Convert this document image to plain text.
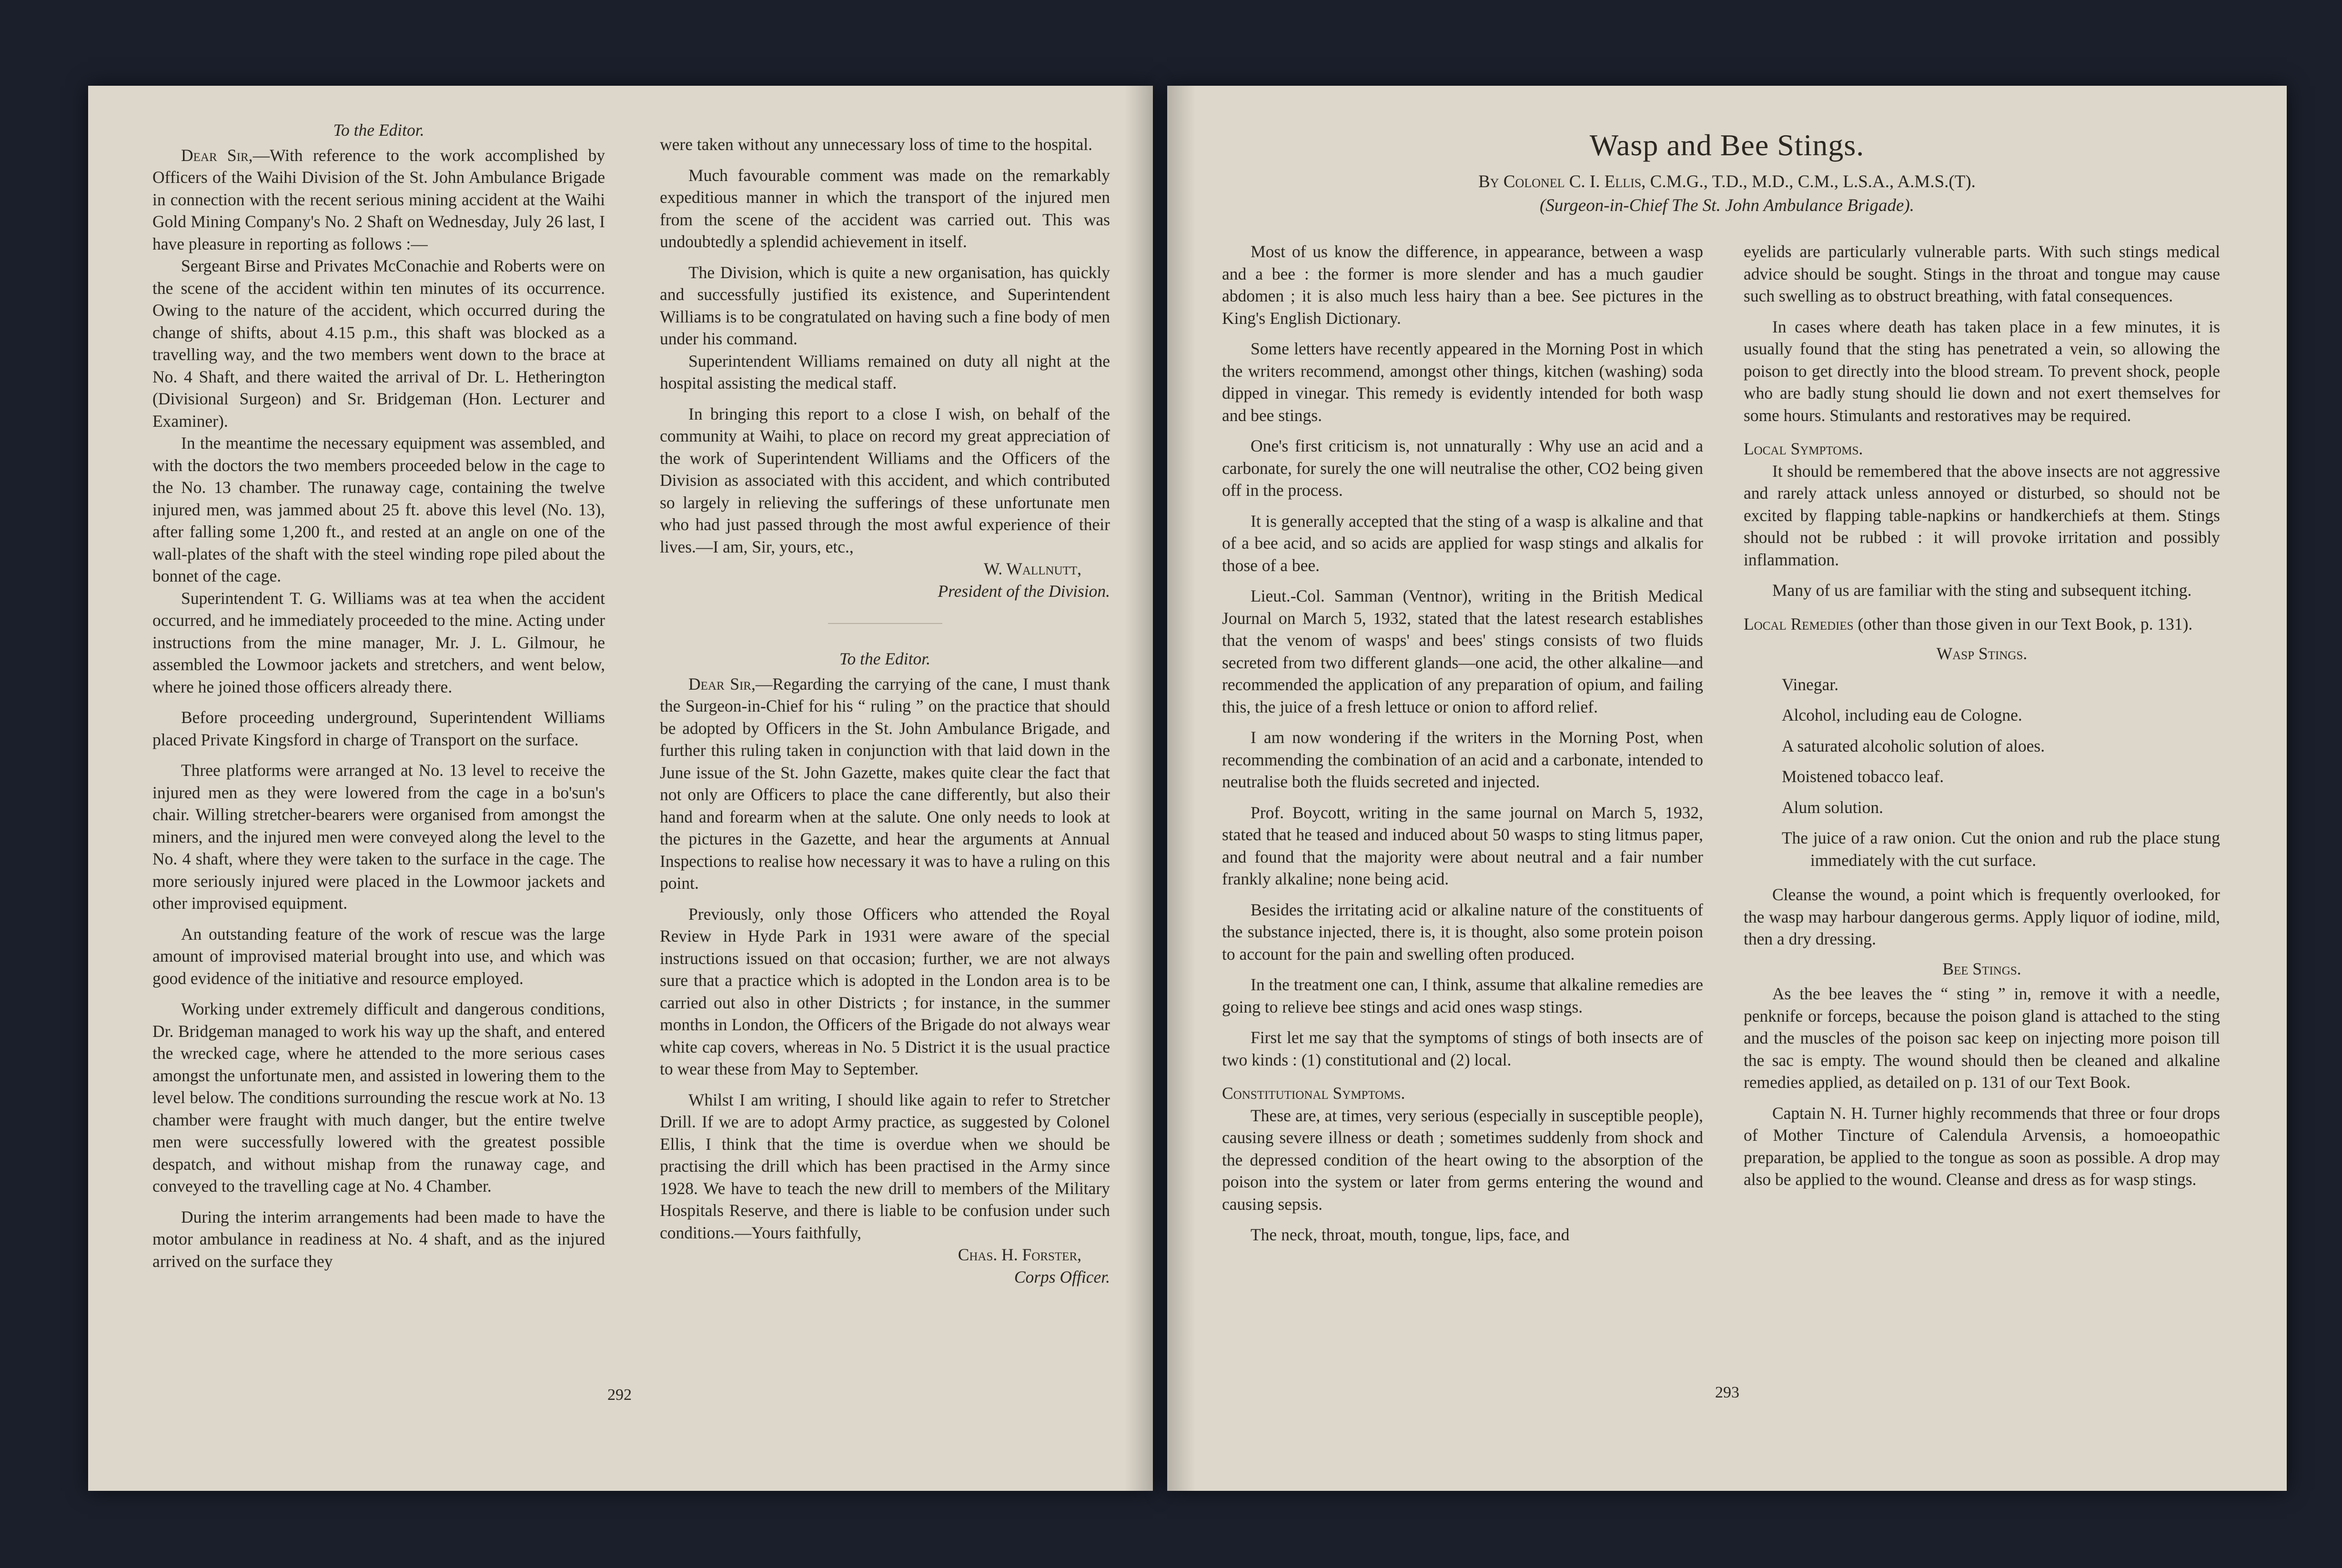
To the Editor.

Dear Sir,—With reference to the work accomplished by Officers of the Waihi Division of the St. John Ambulance Brigade in connection with the recent serious mining accident at the Waihi Gold Mining Company's No. 2 Shaft on Wednesday, July 26 last, I have pleasure in reporting as follows :—

Sergeant Birse and Privates McConachie and Roberts were on the scene of the accident within ten minutes of its occurrence. Owing to the nature of the accident, which occurred during the change of shifts, about 4.15 p.m., this shaft was blocked as a travelling way, and the two members went down to the brace at No. 4 Shaft, and there waited the arrival of Dr. L. Hetherington (Divisional Surgeon) and Sr. Bridgeman (Hon. Lecturer and Examiner).

In the meantime the necessary equipment was assembled, and with the doctors the two members proceeded below in the cage to the No. 13 chamber. The runaway cage, containing the twelve injured men, was jammed about 25 ft. above this level (No. 13), after falling some 1,200 ft., and rested at an angle on one of the wall-plates of the shaft with the steel winding rope piled about the bonnet of the cage.

Superintendent T. G. Williams was at tea when the accident occurred, and he immediately proceeded to the mine. Acting under instructions from the mine manager, Mr. J. L. Gilmour, he assembled the Lowmoor jackets and stretchers, and went below, where he joined those officers already there.

Before proceeding underground, Superintendent Williams placed Private Kingsford in charge of Transport on the surface.

Three platforms were arranged at No. 13 level to receive the injured men as they were lowered from the cage in a bo'sun's chair. Willing stretcher-bearers were organised from amongst the miners, and the injured men were conveyed along the level to the No. 4 shaft, where they were taken to the surface in the cage. The more seriously injured were placed in the Lowmoor jackets and other improvised equipment.

An outstanding feature of the work of rescue was the large amount of improvised material brought into use, and which was good evidence of the initiative and resource employed.

Working under extremely difficult and dangerous conditions, Dr. Bridgeman managed to work his way up the shaft, and entered the wrecked cage, where he attended to the more serious cases amongst the unfortunate men, and assisted in lowering them to the level below. The conditions surrounding the rescue work at No. 13 chamber were fraught with much danger, but the entire twelve men were successfully lowered with the greatest possible despatch, and without mishap from the runaway cage, and conveyed to the travelling cage at No. 4 Chamber.

During the interim arrangements had been made to have the motor ambulance in readiness at No. 4 shaft, and as the injured arrived on the surface they

were taken without any unnecessary loss of time to the hospital.

Much favourable comment was made on the remarkably expeditious manner in which the transport of the injured men from the scene of the accident was carried out. This was undoubtedly a splendid achievement in itself.

The Division, which is quite a new organisation, has quickly and successfully justified its existence, and Superintendent Williams is to be congratulated on having such a fine body of men under his command.

Superintendent Williams remained on duty all night at the hospital assisting the medical staff.

In bringing this report to a close I wish, on behalf of the community at Waihi, to place on record my great appreciation of the work of Superintendent Williams and the Officers of the Division as associated with this accident, and which contributed so largely in relieving the sufferings of these unfortunate men who had just passed through the most awful experience of their lives.—I am, Sir, yours, etc.,

W. Wallnutt,

President of the Division.

To the Editor.

Dear Sir,—Regarding the carrying of the cane, I must thank the Surgeon-in-Chief for his “ ruling ” on the practice that should be adopted by Officers in the St. John Ambulance Brigade, and further this ruling taken in conjunction with that laid down in the June issue of the St. John Gazette, makes quite clear the fact that not only are Officers to place the cane differently, but also their hand and forearm when at the salute. One only needs to look at the pictures in the Gazette, and hear the arguments at Annual Inspections to realise how necessary it was to have a ruling on this point.

Previously, only those Officers who attended the Royal Review in Hyde Park in 1931 were aware of the special instructions issued on that occasion; further, we are not always sure that a practice which is adopted in the London area is to be carried out also in other Districts ; for instance, in the summer months in London, the Officers of the Brigade do not always wear white cap covers, whereas in No. 5 District it is the usual practice to wear these from May to September.

Whilst I am writing, I should like again to refer to Stretcher Drill. If we are to adopt Army practice, as suggested by Colonel Ellis, I think that the time is overdue when we should be practising the drill which has been practised in the Army since 1928. We have to teach the new drill to members of the Military Hospitals Reserve, and there is liable to be confusion under such conditions.—Yours faithfully,

Chas. H. Forster,

Corps Officer.

292
Wasp and Bee Stings.
By Colonel C. I. Ellis, C.M.G., T.D., M.D., C.M., L.S.A., A.M.S.(T).
(Surgeon-in-Chief The St. John Ambulance Brigade).

Most of us know the difference, in appearance, between a wasp and a bee : the former is more slender and has a much gaudier abdomen ; it is also much less hairy than a bee. See pictures in the King's English Dictionary.

Some letters have recently appeared in the Morning Post in which the writers recommend, amongst other things, kitchen (washing) soda dipped in vinegar. This remedy is evidently intended for both wasp and bee stings.

One's first criticism is, not unnaturally : Why use an acid and a carbonate, for surely the one will neutralise the other, CO2 being given off in the process.

It is generally accepted that the sting of a wasp is alkaline and that of a bee acid, and so acids are applied for wasp stings and alkalis for those of a bee.

Lieut.-Col. Samman (Ventnor), writing in the British Medical Journal on March 5, 1932, stated that the latest research establishes that the venom of wasps' and bees' stings consists of two fluids secreted from two different glands—one acid, the other alkaline—and recommended the application of any preparation of opium, and failing this, the juice of a fresh lettuce or onion to afford relief.

I am now wondering if the writers in the Morning Post, when recommending the combination of an acid and a carbonate, intended to neutralise both the fluids secreted and injected.

Prof. Boycott, writing in the same journal on March 5, 1932, stated that he teased and induced about 50 wasps to sting litmus paper, and found that the majority were about neutral and a fair number frankly alkaline; none being acid.

Besides the irritating acid or alkaline nature of the constituents of the substance injected, there is, it is thought, also some protein poison to account for the pain and swelling often produced.

In the treatment one can, I think, assume that alkaline remedies are going to relieve bee stings and acid ones wasp stings.

First let me say that the symptoms of stings of both insects are of two kinds : (1) constitutional and (2) local.

Constitutional Symptoms.

These are, at times, very serious (especially in susceptible people), causing severe illness or death ; sometimes suddenly from shock and the depressed condition of the heart owing to the absorption of the poison into the system or later from germs entering the wound and causing sepsis.

The neck, throat, mouth, tongue, lips, face, and

eyelids are particularly vulnerable parts. With such stings medical advice should be sought. Stings in the throat and tongue may cause such swelling as to obstruct breathing, with fatal consequences.

In cases where death has taken place in a few minutes, it is usually found that the sting has penetrated a vein, so allowing the poison to get directly into the blood stream. To prevent shock, people who are badly stung should lie down and not exert themselves for some hours. Stimulants and restoratives may be required.

Local Symptoms.

It should be remembered that the above insects are not aggressive and rarely attack unless annoyed or disturbed, so should not be excited by flapping table-napkins or handkerchiefs at them. Stings should not be rubbed : it will provoke irritation and possibly inflammation.

Many of us are familiar with the sting and subsequent itching.

Local Remedies (other than those given in our Text Book, p. 131).

Wasp Stings.

Vinegar.

Alcohol, including eau de Cologne.

A saturated alcoholic solution of aloes.

Moistened tobacco leaf.

Alum solution.

The juice of a raw onion. Cut the onion and rub the place stung immediately with the cut surface.

Cleanse the wound, a point which is frequently overlooked, for the wasp may harbour dangerous germs. Apply liquor of iodine, mild, then a dry dressing.

Bee Stings.

As the bee leaves the “ sting ” in, remove it with a needle, penknife or forceps, because the poison gland is attached to the sting and the muscles of the poison sac keep on injecting more poison till the sac is empty. The wound should then be cleaned and alkaline remedies applied, as detailed on p. 131 of our Text Book.

Captain N. H. Turner highly recommends that three or four drops of Mother Tincture of Calendula Arvensis, a homoeopathic preparation, be applied to the tongue as soon as possible. A drop may also be applied to the wound. Cleanse and dress as for wasp stings.

293
